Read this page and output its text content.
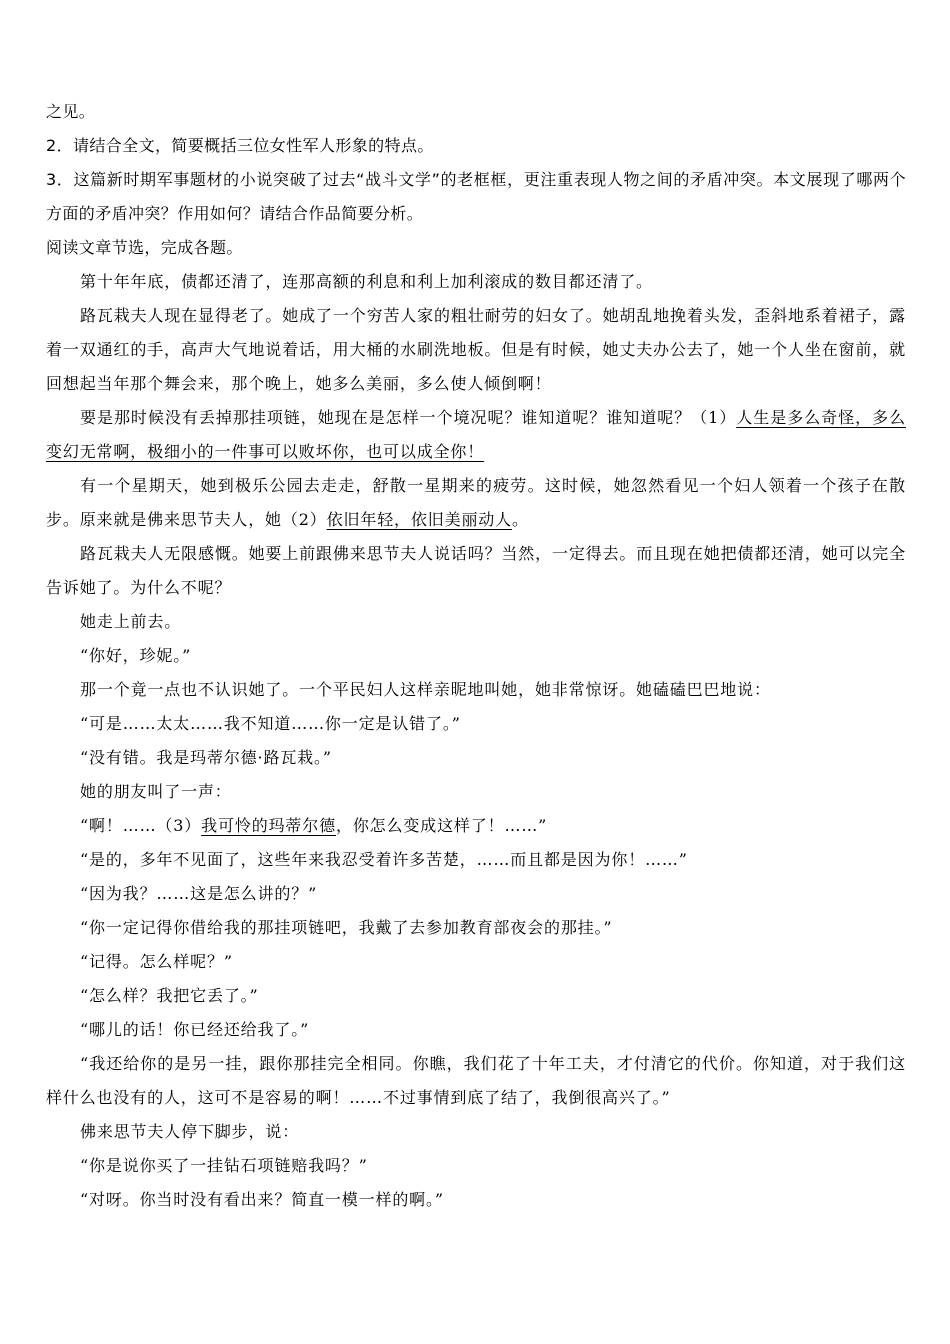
之见。

2．请结合全文，简要概括三位女性军人形象的特点。

3．这篇新时期军事题材的小说突破了过去“战斗文学”的老框框，更注重表现人物之间的矛盾冲突。本文展现了哪两个方面的矛盾冲突？作用如何？请结合作品简要分析。

阅读文章节选，完成各题。

第十年年底，债都还清了，连那高额的利息和利上加利滚成的数目都还清了。

路瓦栽夫人现在显得老了。她成了一个穷苦人家的粗壮耐劳的妇女了。她胡乱地挽着头发，歪斜地系着裙子，露着一双通红的手，高声大气地说着话，用大桶的水刷洗地板。但是有时候，她丈夫办公去了，她一个人坐在窗前，就回想起当年那个舞会来，那个晚上，她多么美丽，多么使人倾倒啊！

要是那时候没有丢掉那挂项链，她现在是怎样一个境况呢？谁知道呢？谁知道呢？（1）人生是多么奇怪，多么变幻无常啊，极细小的一件事可以败坏你，也可以成全你！

有一个星期天，她到极乐公园去走走，舒散一星期来的疲劳。这时候，她忽然看见一个妇人领着一个孩子在散步。原来就是佛来思节夫人，她（2）依旧年轻，依旧美丽动人。

路瓦栽夫人无限感慨。她要上前跟佛来思节夫人说话吗？当然，一定得去。而且现在她把债都还清，她可以完全告诉她了。为什么不呢？

她走上前去。

“你好，珍妮。”

那一个竟一点也不认识她了。一个平民妇人这样亲昵地叫她，她非常惊讶。她磕磕巴巴地说：

“可是……太太……我不知道……你一定是认错了。”

“没有错。我是玛蒂尔德·路瓦栽。”

她的朋友叫了一声：

“啊！……（3）我可怜的玛蒂尔德，你怎么变成这样了！……”

“是的，多年不见面了，这些年来我忍受着许多苦楚，……而且都是因为你！……”

“因为我？……这是怎么讲的？”

“你一定记得你借给我的那挂项链吧，我戴了去参加教育部夜会的那挂。”

“记得。怎么样呢？”

“怎么样？我把它丢了。”

“哪儿的话！你已经还给我了。”

“我还给你的是另一挂，跟你那挂完全相同。你瞧，我们花了十年工夫，才付清它的代价。你知道，对于我们这样什么也没有的人，这可不是容易的啊！……不过事情到底了结了，我倒很高兴了。”

佛来思节夫人停下脚步，说：

“你是说你买了一挂钻石项链赔我吗？”

“对呀。你当时没有看出来？简直一模一样的啊。”
